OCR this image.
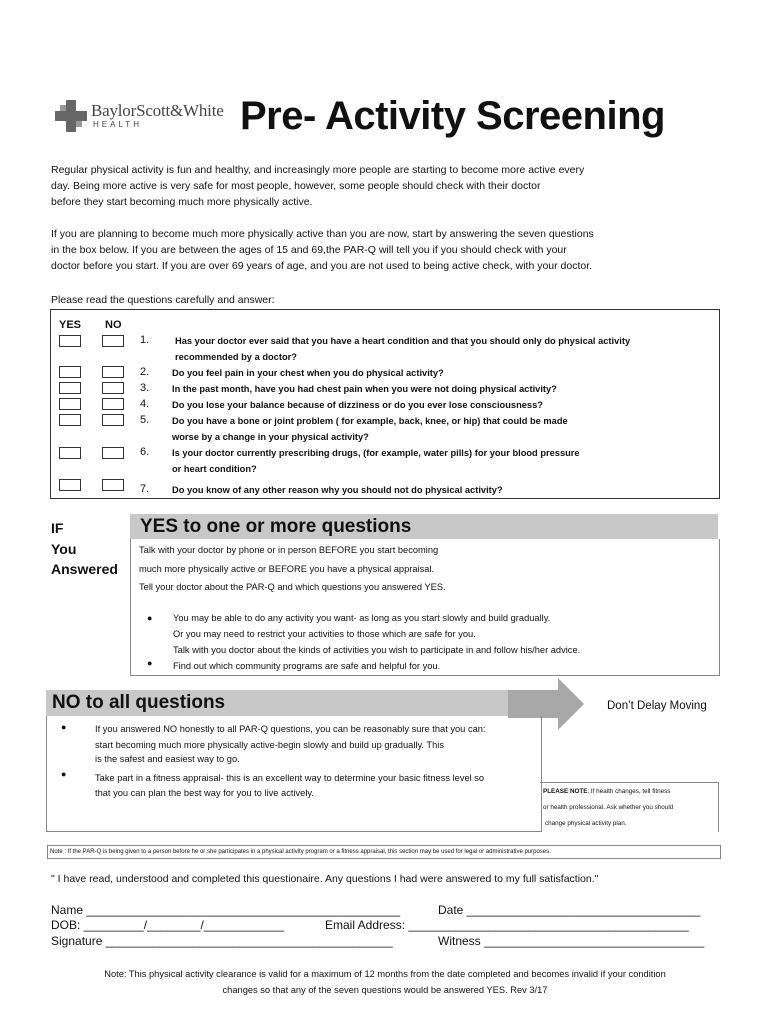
BaylorScott&White
HEALTH Pre- Activity Screening
Regular physical activity is fun and healthy, and increasingly more people are starting to become more active every
day. Being more active is very safe for most people, however, some people should check with their doctor
before they start becoming much more physically active.
If you are planning to become much more physically active than you are now, start by answering the seven questions
in the box below. If you are between the ages of 15 and 69,the PAR-Q will tell you if you should check with your
doctor before you start. If you are over 69 years of age, and you are not used to being active check, with your doctor.
Please read the questions carefully and answer:
YES NO
1.	Has your doctor ever said that you have a heart condition and that you should only do physical activity
recommended by a doctor?
2. Do you feel pain in your chest when you do physical activity?
3. In the past month, have you had chest pain when you were not doing physical activity?
4. Do you lose your balance because of dizziness or do you ever lose consciousness?
5. Do you have a bone or joint problem ( for example, back, knee, or hip) that could be made
worse by a change in your physical activity?
6. Is your doctor currently prescribing drugs, (for example, water pills) for your blood pressure
or heart condition?
7. Do you know of any other reason why you should not do physical activity?
IF
You
Answered
YES to one or more questions
Talk with your doctor by phone or in person BEFORE you start becoming
much more physically active or BEFORE you have a physical appraisal.
Tell your doctor about the PAR-Q and which questions you answered YES.
● You may be able to do any activity you want- as long as you start slowly and build gradually.
Or you may need to restrict your activities to those which are safe for you.
Talk with you doctor about the kinds of activities you wish to participate in and follow his/her advice.
● Find out which community programs are safe and helpful for you.
NO to all questions	Don’t Delay Moving
●	If you answered NO honestly to all PAR-Q questions, you can be reasonably sure that you can:
start becoming much more physically active-begin slowly and build up gradually. This
is the safest and easiest way to go.
●	Take part in a fitness appraisal- this is an excellent way to determine your basic fitness level so
that you can plan the best way for you to live actively.	PLEASE NOTE: If health changes, tell fitness
or health professional. Ask whether you should
change physical activity plan.
Note : If the PAR-Q is being given to a person before he or she participates in a physical activity program or a fitness appraisal, this section may be used for legal or administrative purposes.
" I have read, understood and completed this questionaire. Any questions I had were answered to my full satisfaction."
Name _______________________________________________	Date ___________________________________
DOB: _________/________/____________	Email Address: __________________________________________
Signature ___________________________________________	Witness _________________________________
Note: This physical activity clearance is valid for a maximum of 12 months from the date completed and becomes invalid if your condition
changes so that any of the seven questions would be answered YES. Rev 3/17
